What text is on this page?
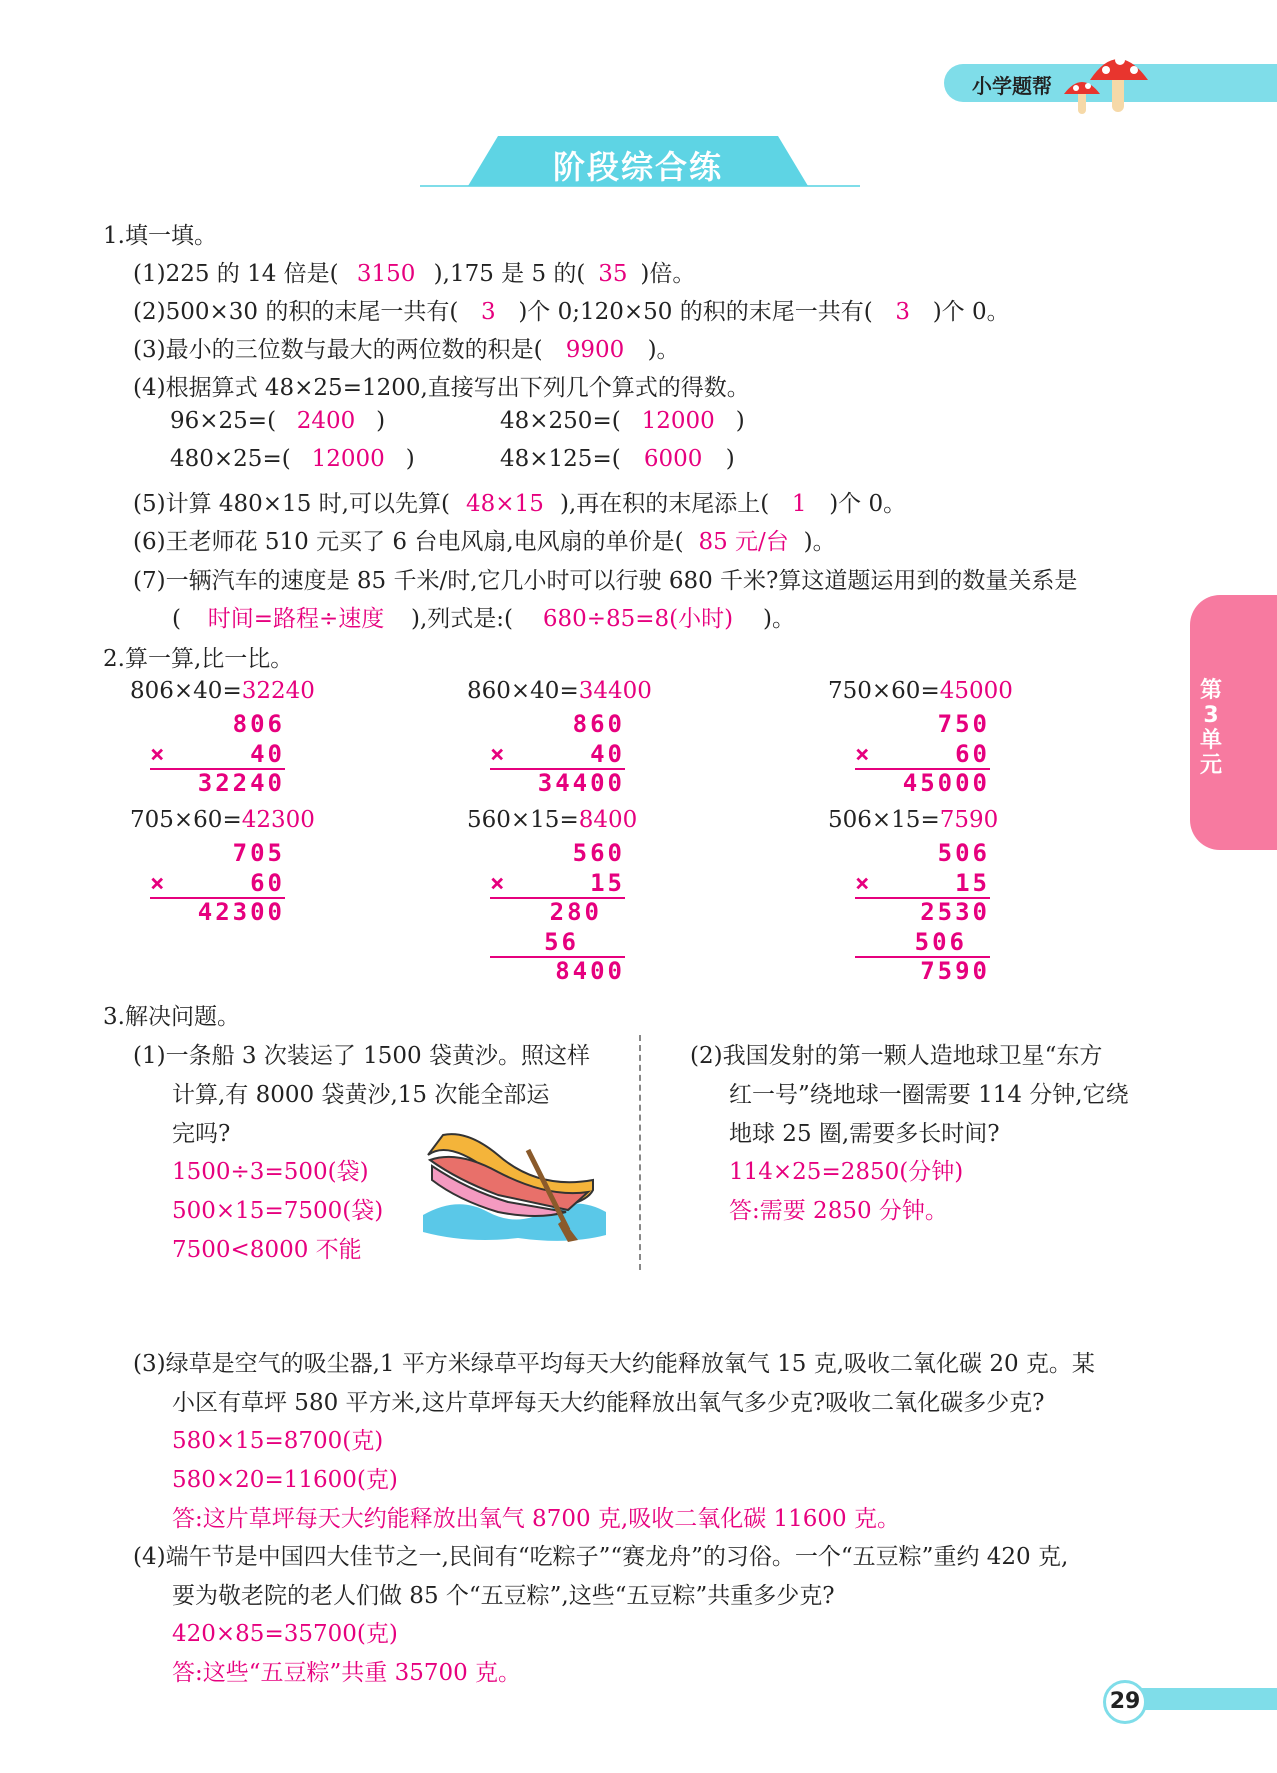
小学题帮
阶段综合练
第3单元
1.填一填。
(1)225 的 14 倍是( 3150 ),175 是 5 的( 35 )倍。
(2)500×30 的积的末尾一共有( 3 )个 0;120×50 的积的末尾一共有( 3 )个 0。
(3)最小的三位数与最大的两位数的积是( 9900 )。
(4)根据算式 48×25=1200,直接写出下列几个算式的得数。
96×25=( 2400 )	48×250=( 12000 )
480×25=( 12000 )	48×125=( 6000 )
(5)计算 480×15 时,可以先算( 48×15 ),再在积的末尾添上( 1 )个 0。
(6)王老师花 510 元买了 6 台电风扇,电风扇的单价是( 85 元/台 )。
(7)一辆汽车的速度是 85 千米/时,它几小时可以行驶 680 千米?算这道题运用到的数量关系是
( 时间=路程÷速度 ),列式是:( 680÷85=8(小时) )。
2.算一算,比一比。
806×40=32240	860×40=34400	750×60=45000
806
×	40
32240
860
×	40
34400
750
×	60
45000
705×60=42300	560×15=8400	506×15=7590
705
×	60
42300
560
×	15
280
56
8400
506
×	15
2530
506
7590
3.解决问题。
(1)一条船 3 次装运了 1500 袋黄沙。照这样
计算,有 8000 袋黄沙,15 次能全部运
完吗?
1500÷3=500(袋)
500×15=7500(袋)
7500<8000 不能
(2)我国发射的第一颗人造地球卫星“东方
红一号”绕地球一圈需要 114 分钟,它绕
地球 25 圈,需要多长时间?
114×25=2850(分钟)
答:需要 2850 分钟。
(3)绿草是空气的吸尘器,1 平方米绿草平均每天大约能释放氧气 15 克,吸收二氧化碳 20 克。某
小区有草坪 580 平方米,这片草坪每天大约能释放出氧气多少克?吸收二氧化碳多少克?
580×15=8700(克)
580×20=11600(克)
答:这片草坪每天大约能释放出氧气 8700 克,吸收二氧化碳 11600 克。
(4)端午节是中国四大佳节之一,民间有“吃粽子”“赛龙舟”的习俗。一个“五豆粽”重约 420 克,
要为敬老院的老人们做 85 个“五豆粽”,这些“五豆粽”共重多少克?
420×85=35700(克)
答:这些“五豆粽”共重 35700 克。
29
